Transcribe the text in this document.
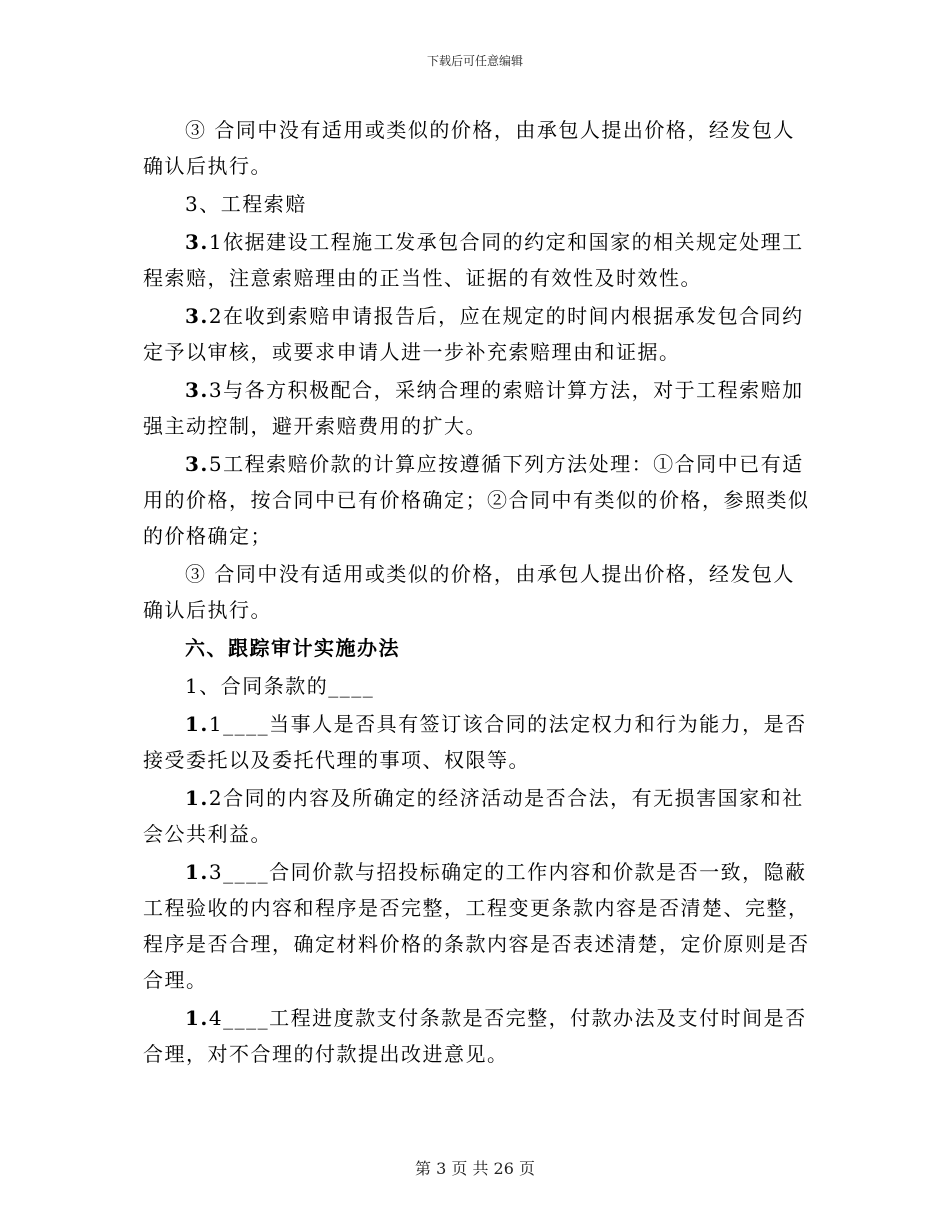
下载后可任意编辑

③ 合同中没有适用或类似的价格，由承包人提出价格，经发包人确认后执行。

3、工程索赔

3.1依据建设工程施工发承包合同的约定和国家的相关规定处理工程索赔，注意索赔理由的正当性、证据的有效性及时效性。

3.2在收到索赔申请报告后，应在规定的时间内根据承发包合同约定予以审核，或要求申请人进一步补充索赔理由和证据。

3.3与各方积极配合，采纳合理的索赔计算方法，对于工程索赔加强主动控制，避开索赔费用的扩大。

3.5工程索赔价款的计算应按遵循下列方法处理：①合同中已有适用的价格，按合同中已有价格确定；②合同中有类似的价格，参照类似的价格确定；

③ 合同中没有适用或类似的价格，由承包人提出价格，经发包人确认后执行。

六、跟踪审计实施办法

1、合同条款的____

1.1____当事人是否具有签订该合同的法定权力和行为能力，是否接受委托以及委托代理的事项、权限等。

1.2合同的内容及所确定的经济活动是否合法，有无损害国家和社会公共利益。

1.3____合同价款与招投标确定的工作内容和价款是否一致，隐蔽工程验收的内容和程序是否完整，工程变更条款内容是否清楚、完整，程序是否合理，确定材料价格的条款内容是否表述清楚，定价原则是否合理。

1.4____工程进度款支付条款是否完整，付款办法及支付时间是否合理，对不合理的付款提出改进意见。

第 3 页 共 26 页
